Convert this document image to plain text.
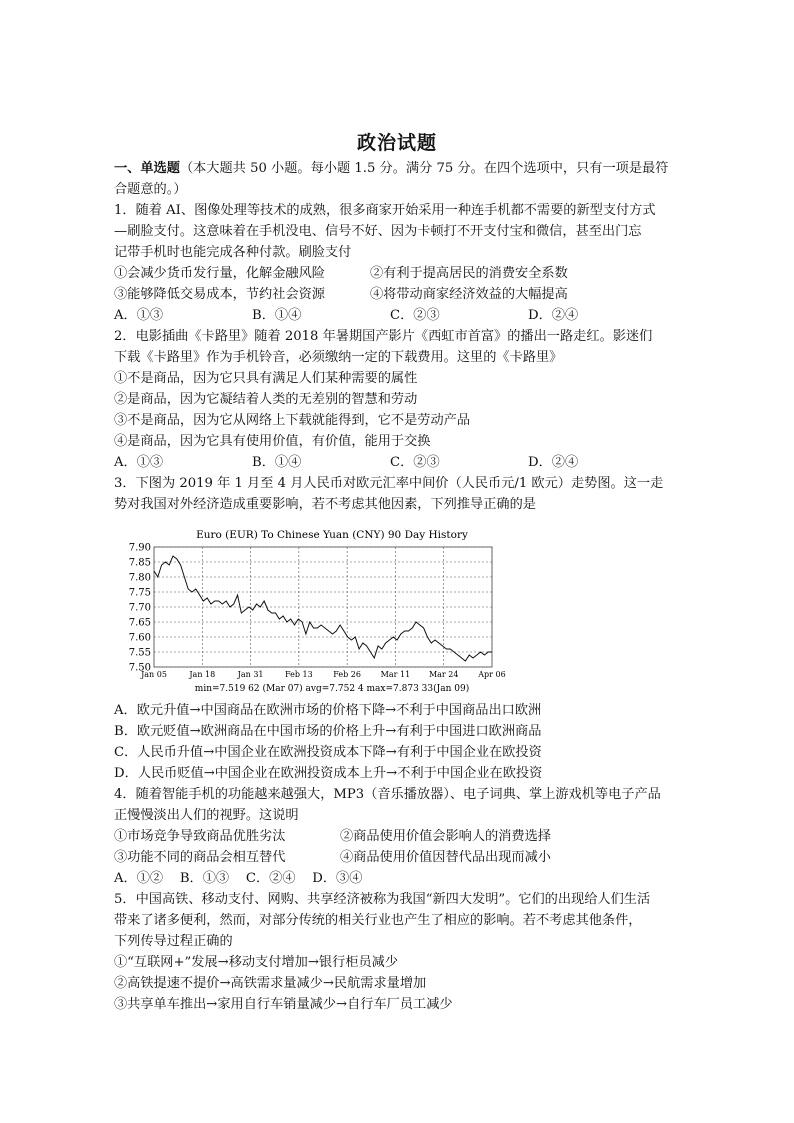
政治试题
一、单选题（本大题共 50 小题。每小题 1.5 分。满分 75 分。在四个选项中，只有一项是最符
合题意的。）
1．随着 AI、图像处理等技术的成熟，很多商家开始采用一种连手机都不需要的新型支付方式
—刷脸支付。这意味着在手机没电、信号不好、因为卡顿打不开支付宝和微信，甚至出门忘
记带手机时也能完成各种付款。刷脸支付
①会减少货币发行量，化解金融风险	②有利于提高居民的消费安全系数
③能够降低交易成本，节约社会资源	④将带动商家经济效益的大幅提高
A．①③	B．①④	C．②③	D．②④
2．电影插曲《卡路里》随着 2018 年暑期国产影片《西虹市首富》的播出一路走红。影迷们
下载《卡路里》作为手机铃音，必须缴纳一定的下载费用。这里的《卡路里》
①不是商品，因为它只具有满足人们某种需要的属性
②是商品，因为它凝结着人类的无差别的智慧和劳动
③不是商品，因为它从网络上下载就能得到，它不是劳动产品
④是商品，因为它具有使用价值，有价值，能用于交换
A．①③	B．①④	C．②③	D．②④
3．下图为 2019 年 1 月至 4 月人民币对欧元汇率中间价（人民币元/1 欧元）走势图。这一走
势对我国对外经济造成重要影响，若不考虑其他因素，下列推导正确的是
Euro (EUR) To Chinese Yuan (CNY) 90 Day History
7.90
7.85
7.80
7.75
7.70
7.65
7.60
7.55
7.50
Jan 05	Jan 18	Jan 31	Feb 13	Feb 26 Mar 11 Mar 24 Apr 06
min=7.519 62 (Mar 07) avg=7.752 4 max=7.873 33(Jan 09)
A．欧元升值→中国商品在欧洲市场的价格下降→不利于中国商品出口欧洲
B．欧元贬值→欧洲商品在中国市场的价格上升→有利于中国进口欧洲商品
C．人民币升值→中国企业在欧洲投资成本下降→有利于中国企业在欧投资
D．人民币贬值→中国企业在欧洲投资成本上升→不利于中国企业在欧投资
4．随着智能手机的功能越来越强大，MP3（音乐播放器）、电子词典、掌上游戏机等电子产品
正慢慢淡出人们的视野。这说明
①市场竞争导致商品优胜劣汰	②商品使用价值会影响人的消费选择
③功能不同的商品会相互替代	④商品使用价值因替代品出现而减小
A．①②    B．①③    C．②④    D．③④
5．中国高铁、移动支付、网购、共享经济被称为我国“新四大发明”。它们的出现给人们生活
带来了诸多便利，然而，对部分传统的相关行业也产生了相应的影响。若不考虑其他条件，
下列传导过程正确的
①“互联网+”发展→移动支付增加→银行柜员减少
②高铁提速不提价→高铁需求量减少→民航需求量增加
③共享单车推出→家用自行车销量减少→自行车厂员工减少
